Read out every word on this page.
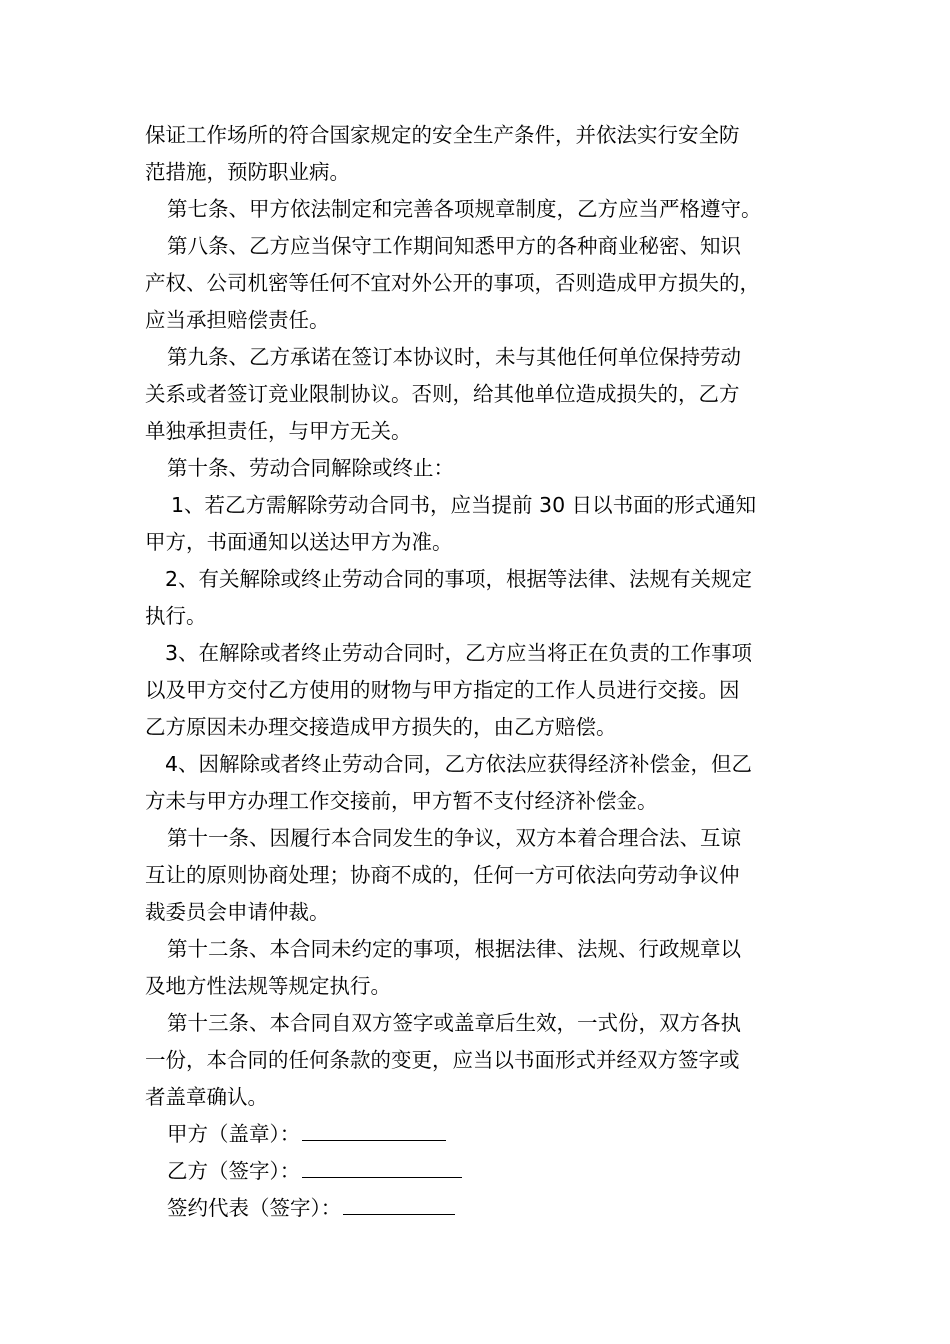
保证工作场所的符合国家规定的安全生产条件，并依法实行安全防
范措施，预防职业病。
第七条、甲方依法制定和完善各项规章制度，乙方应当严格遵守。
第八条、乙方应当保守工作期间知悉甲方的各种商业秘密、知识
产权、公司机密等任何不宜对外公开的事项，否则造成甲方损失的，
应当承担赔偿责任。
第九条、乙方承诺在签订本协议时，未与其他任何单位保持劳动
关系或者签订竞业限制协议。否则，给其他单位造成损失的，乙方
单独承担责任，与甲方无关。
第十条、劳动合同解除或终止：
1、若乙方需解除劳动合同书，应当提前 30 日以书面的形式通知
甲方，书面通知以送达甲方为准。
2、有关解除或终止劳动合同的事项，根据等法律、法规有关规定
执行。
3、在解除或者终止劳动合同时，乙方应当将正在负责的工作事项
以及甲方交付乙方使用的财物与甲方指定的工作人员进行交接。因
乙方原因未办理交接造成甲方损失的，由乙方赔偿。
4、因解除或者终止劳动合同，乙方依法应获得经济补偿金，但乙
方未与甲方办理工作交接前，甲方暂不支付经济补偿金。
第十一条、因履行本合同发生的争议，双方本着合理合法、互谅
互让的原则协商处理；协商不成的，任何一方可依法向劳动争议仲
裁委员会申请仲裁。
第十二条、本合同未约定的事项，根据法律、法规、行政规章以
及地方性法规等规定执行。
第十三条、本合同自双方签字或盖章后生效，一式份，双方各执
一份，本合同的任何条款的变更，应当以书面形式并经双方签字或
者盖章确认。
甲方（盖章）：
乙方（签字）：
签约代表（签字）：
